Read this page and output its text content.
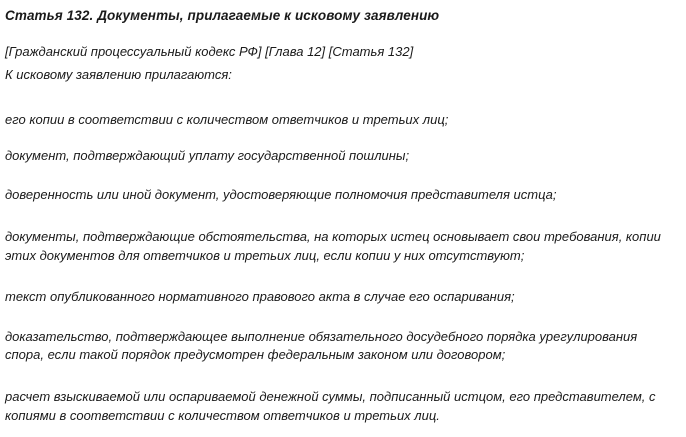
Статья 132. Документы, прилагаемые к исковому заявлению
[Гражданский процессуальный кодекс РФ] [Глава 12] [Статья 132]
К исковому заявлению прилагаются:
его копии в соответствии с количеством ответчиков и третьих лиц;
документ, подтверждающий уплату государственной пошлины;
доверенность или иной документ, удостоверяющие полномочия представителя истца;
документы, подтверждающие обстоятельства, на которых истец основывает свои требования, копии
этих документов для ответчиков и третьих лиц, если копии у них отсутствуют;
текст опубликованного нормативного правового акта в случае его оспаривания;
доказательство, подтверждающее выполнение обязательного досудебного порядка урегулирования
спора, если такой порядок предусмотрен федеральным законом или договором;
расчет взыскиваемой или оспариваемой денежной суммы, подписанный истцом, его представителем, с
копиями в соответствии с количеством ответчиков и третьих лиц.
